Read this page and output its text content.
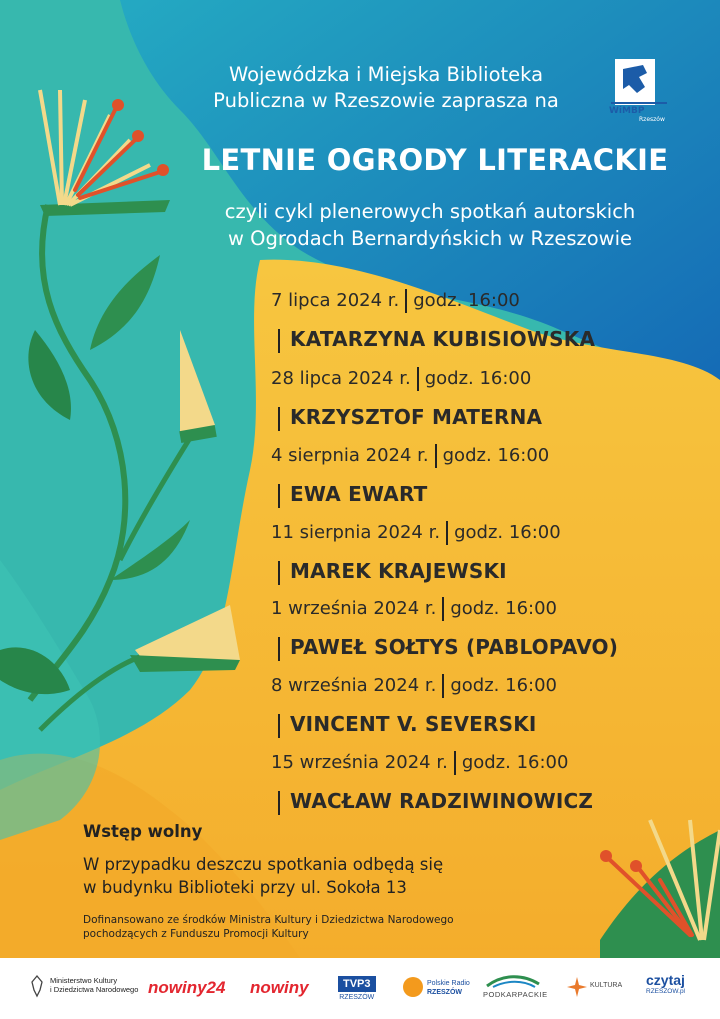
WiMBP
Rzeszów
Wojewódzka i Miejska Biblioteka
Publiczna w Rzeszowie zaprasza na
LETNIE OGRODY LITERACKIE
czyli cykl plenerowych spotkań autorskich
w Ogrodach Bernardyńskich w Rzeszowie
7 lipca 2024 r. godz. 16:00
KATARZYNA KUBISIOWSKA
28 lipca 2024 r. godz. 16:00
KRZYSZTOF MATERNA
4 sierpnia 2024 r. godz. 16:00
EWA EWART
11 sierpnia 2024 r. godz. 16:00
MAREK KRAJEWSKI
1 września 2024 r. godz. 16:00
PAWEŁ SOŁTYS (PABLOPAVO)
8 września 2024 r. godz. 16:00
VINCENT V. SEVERSKI
15 września 2024 r. godz. 16:00
WACŁAW RADZIWINOWICZ
Wstęp wolny
W przypadku deszczu spotkania odbędą się
w budynku Biblioteki przy ul. Sokoła 13
Dofinansowano ze środków Ministra Kultury i Dziedzictwa Narodowego
pochodzących z Funduszu Promocji Kultury
Ministerstwo Kultury
i Dziedzictwa Narodowego nowiny24 nowiny	TVP3
RZESZÓW
Polskie Radio
RZESZÓW	PODKARPACKIE
KULTURA czytaj
RZESZOW.pl
